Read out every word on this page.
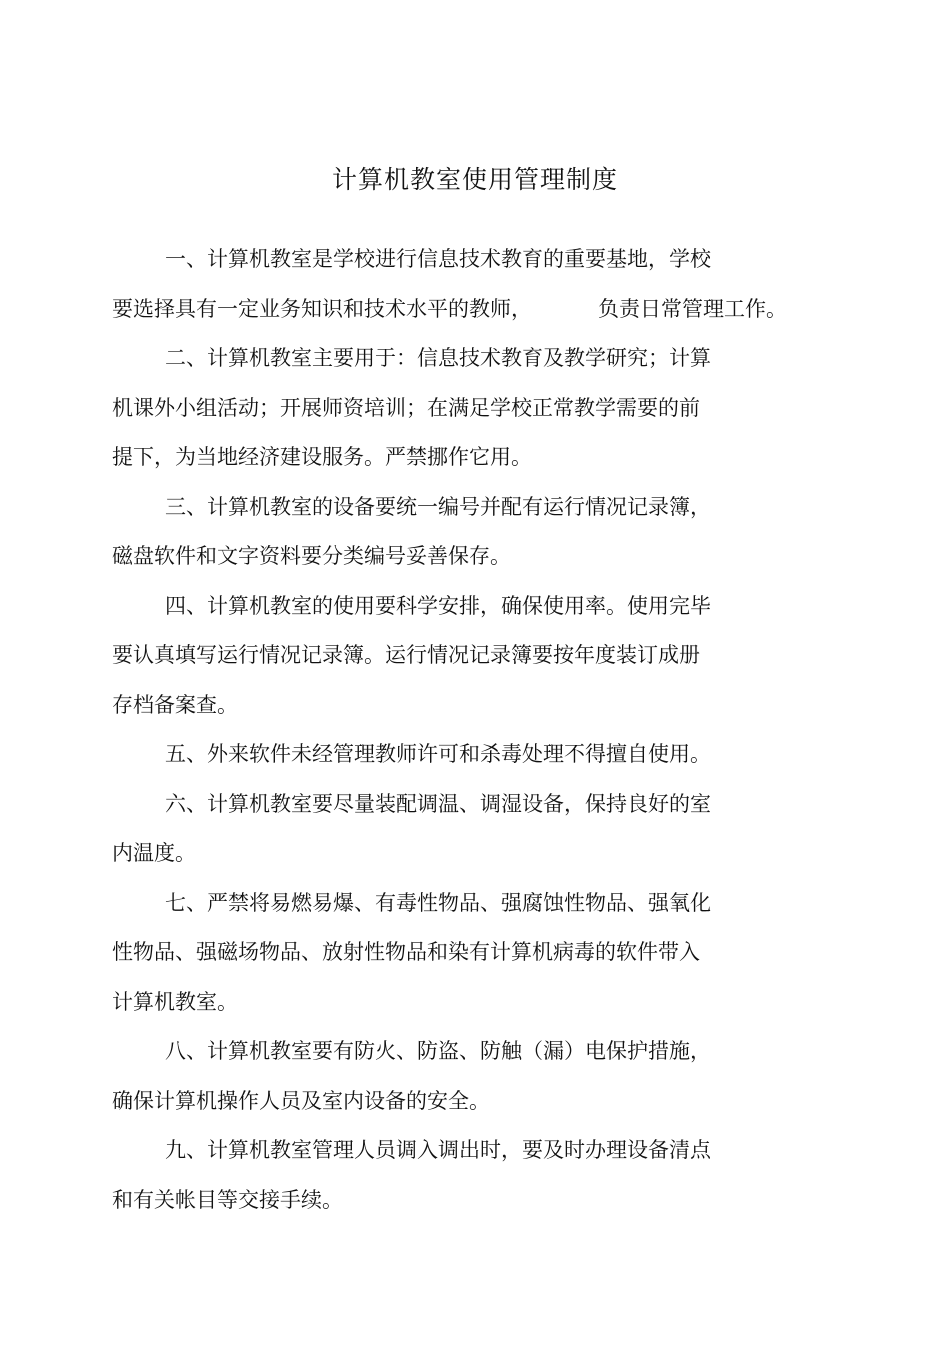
计算机教室使用管理制度

一、计算机教室是学校进行信息技术教育的重要基地，学校
要选择具有一定业务知识和技术水平的教师，	负责日常管理工作。

二、计算机教室主要用于：信息技术教育及教学研究；计算
机课外小组活动；开展师资培训；在满足学校正常教学需要的前
提下，为当地经济建设服务。严禁挪作它用。

三、计算机教室的设备要统一编号并配有运行情况记录簿，
磁盘软件和文字资料要分类编号妥善保存。

四、计算机教室的使用要科学安排，确保使用率。使用完毕
要认真填写运行情况记录簿。运行情况记录簿要按年度装订成册
存档备案查。

五、外来软件未经管理教师许可和杀毒处理不得擅自使用。

六、计算机教室要尽量装配调温、调湿设备，保持良好的室
内温度。

七、严禁将易燃易爆、有毒性物品、强腐蚀性物品、强氧化
性物品、强磁场物品、放射性物品和染有计算机病毒的软件带入
计算机教室。

八、计算机教室要有防火、防盗、防触（漏）电保护措施，
确保计算机操作人员及室内设备的安全。

九、计算机教室管理人员调入调出时，要及时办理设备清点
和有关帐目等交接手续。
